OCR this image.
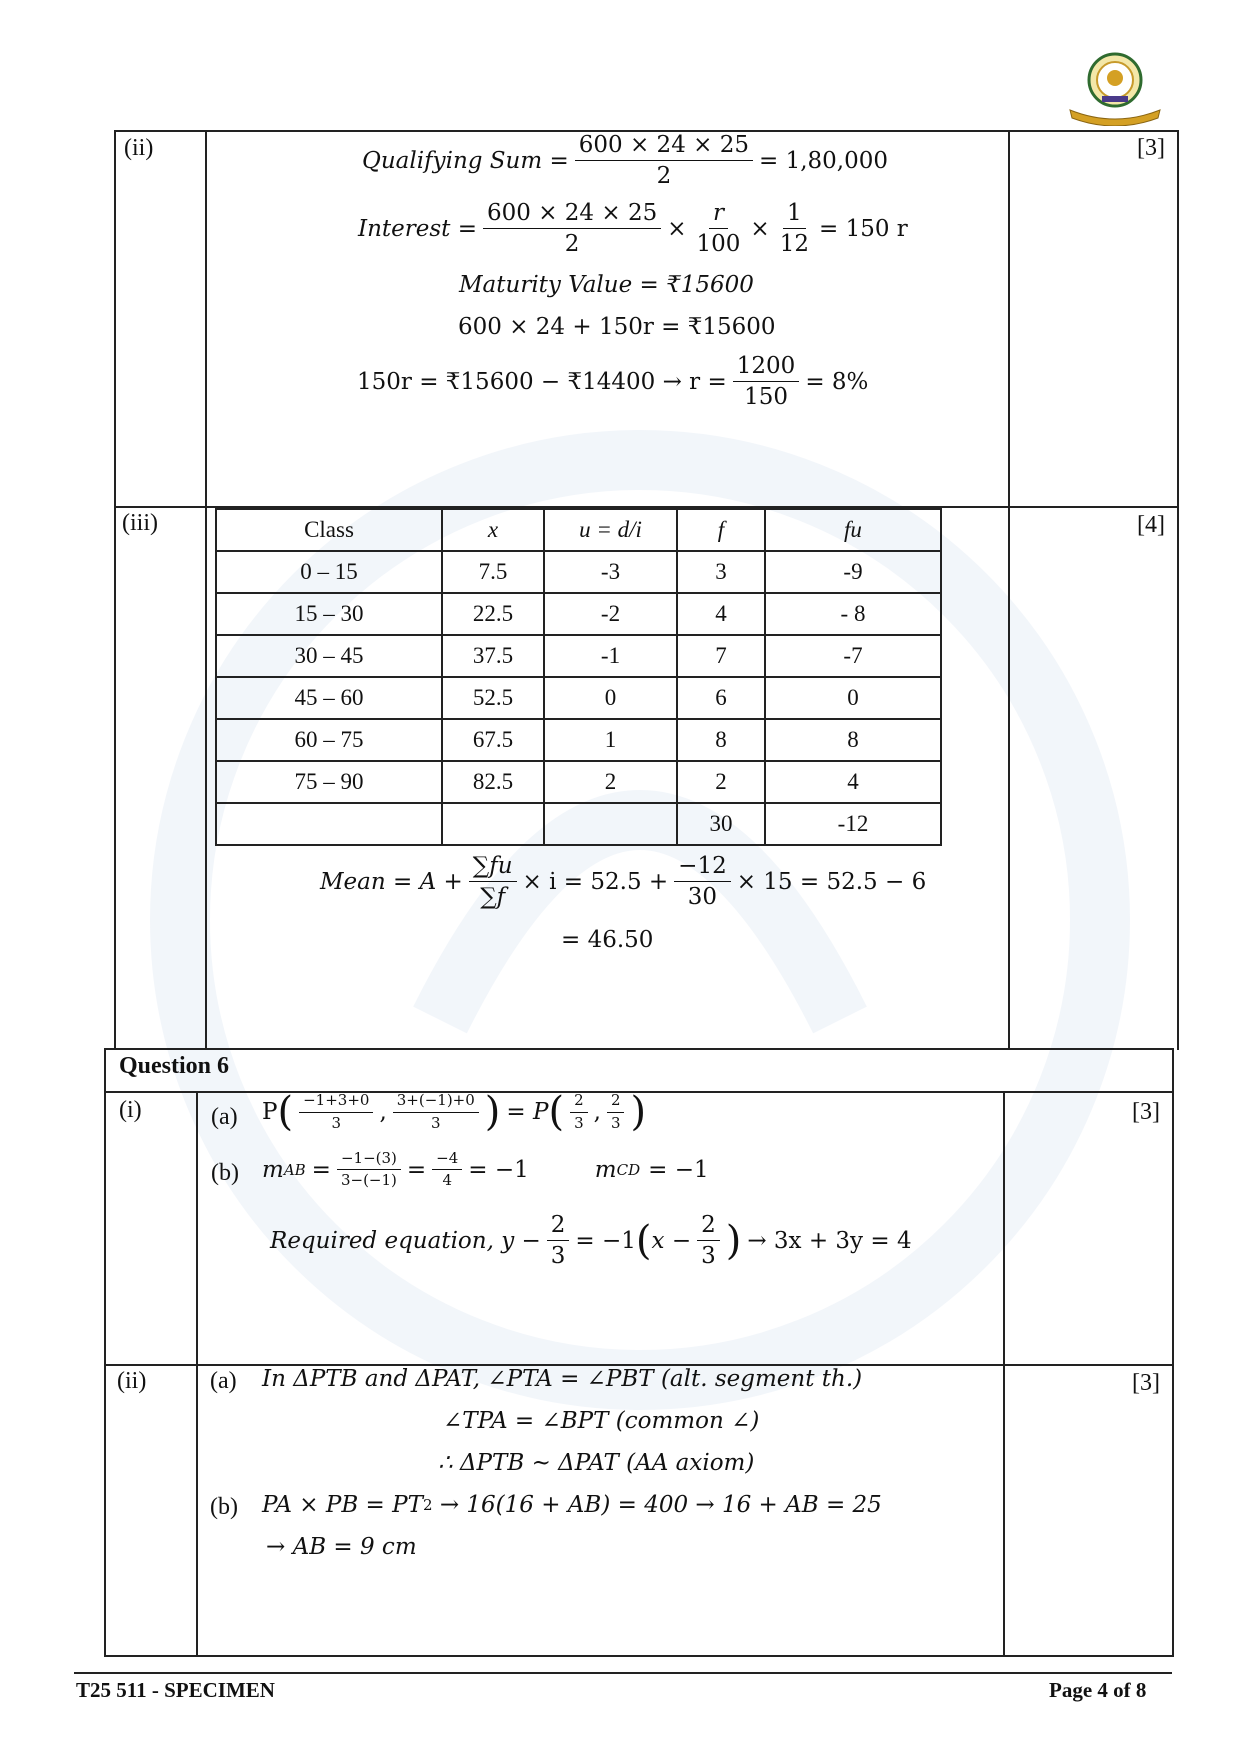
(ii)	[3]
Qualifying Sum = $\frac{600 \times 24 \times 25}{2} = 1,80,000$
Interest = $\frac{600 \times 24 \times 25}{2} \times \frac{r}{100} \times \frac{1}{12} = 150$ r
Maturity Value = ₹15600
600 × 24 + 150r = ₹15600
150r = ₹15600 − ₹14400 → $r = \frac{1200}{150} = 8\%$
(iii)	[4]
Class	x	u = d/i	f	fu
0 – 15	7.5	-3	3	-9
15 – 30	22.5	-2	4	- 8
30 – 45	37.5	-1	7	-7
45 – 60	52.5	0	6	0
60 – 75	67.5	1	8	8
75 – 90	82.5	2	2	4
			30	-12
Mean = $A + \frac{\sum fu}{\sum f} \times i = 52.5 + \frac{-12}{30} \times 15 = 52.5 - 6$
= 46.50
Question 6
(i)	[3]
(a) P ( $\frac{-1+3+0}{3}$ , $\frac{3+(-1)+0}{3}$ ) = P ( $\frac{2}{3}$ , $\frac{2}{3}$ )
(b) m AB = $\frac{-1-(3)}{3-(-1)} = \frac{-4}{4} = -1$	m CD = −1
Required equation, $y - \frac{2}{3} = -1$ ( $x - \frac{2}{3}$ ) → 3x + 3y = 4
(ii)	[3]
(a) In ΔPTB and ΔPAT, ∠PTA = ∠PBT (alt. segment th.)
∠TPA = ∠BPT (common ∠)
∴ ΔPTB ~ ΔPAT (AA axiom)
(b) PA × PB = PT 2 → 16(16 + AB) = 400 → 16 + AB = 25
→ AB = 9 cm
T25 511 - SPECIMEN	Page 4 of 8
